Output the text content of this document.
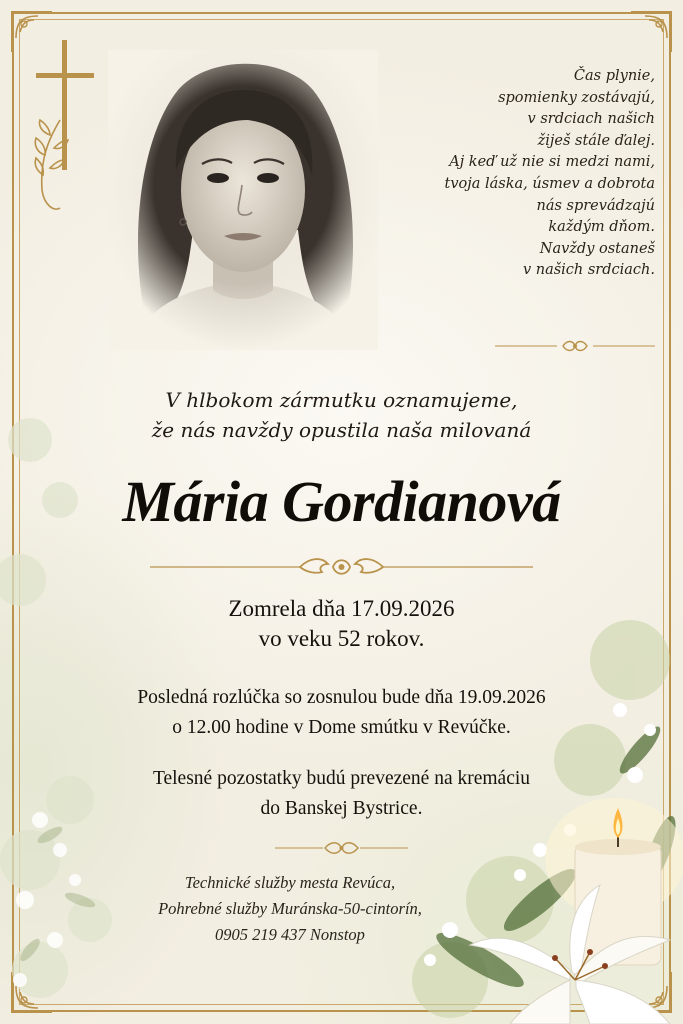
Čas plynie,
spomienky zostávajú,
v srdciach našich
žiješ stále ďalej.
Aj keď už nie si medzi nami,
tvoja láska, úsmev a dobrota
nás sprevádzajú
každým dňom.
Navždy ostaneš
v našich srdciach.
V hlbokom zármutku oznamujeme,
že nás navždy opustila naša milovaná
Mária Gordianová
Zomrela dňa 17.09.2026
vo veku 52 rokov.
Posledná rozlúčka so zosnulou bude dňa 19.09.2026
o 12.00 hodine v Dome smútku v Revúčke.
Telesné pozostatky budú prevezené na kremáciu
do Banskej Bystrice.
Technické služby mesta Revúca,
Pohrebné služby Muránska-50-cintorín,
0905 219 437 Nonstop
